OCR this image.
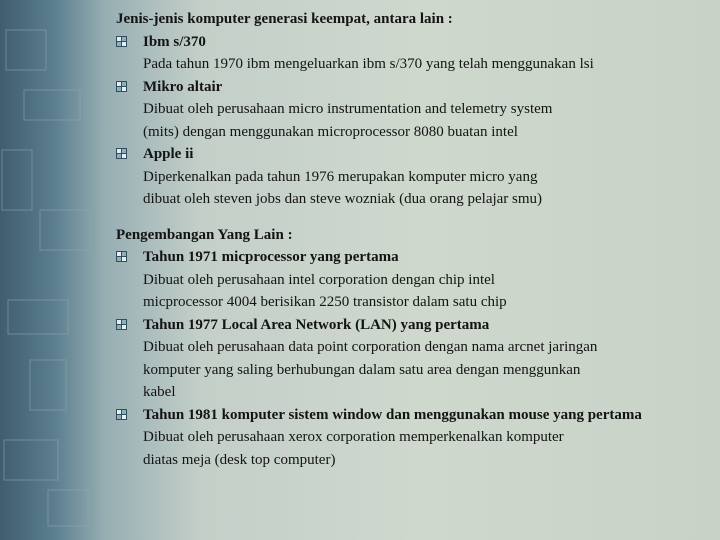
Jenis-jenis komputer generasi keempat, antara lain :
Ibm s/370
Pada tahun 1970 ibm mengeluarkan ibm s/370 yang telah menggunakan lsi
Mikro altair
Dibuat oleh perusahaan micro instrumentation and telemetry system
(mits) dengan menggunakan microprocessor 8080 buatan intel
Apple ii
Diperkenalkan pada tahun 1976 merupakan komputer micro yang
dibuat oleh steven jobs dan steve wozniak (dua orang pelajar smu)
Pengembangan Yang Lain :
Tahun 1971 micprocessor yang pertama
Dibuat oleh perusahaan intel corporation dengan chip intel
micprocessor 4004 berisikan 2250 transistor dalam satu chip
Tahun 1977 Local Area Network (LAN) yang pertama
Dibuat oleh perusahaan data point corporation dengan nama arcnet jaringan
komputer yang saling berhubungan dalam satu area dengan menggunkan
kabel
Tahun 1981 komputer sistem window dan menggunakan mouse yang pertama
Dibuat oleh perusahaan xerox corporation memperkenalkan komputer
diatas meja (desk top computer)
